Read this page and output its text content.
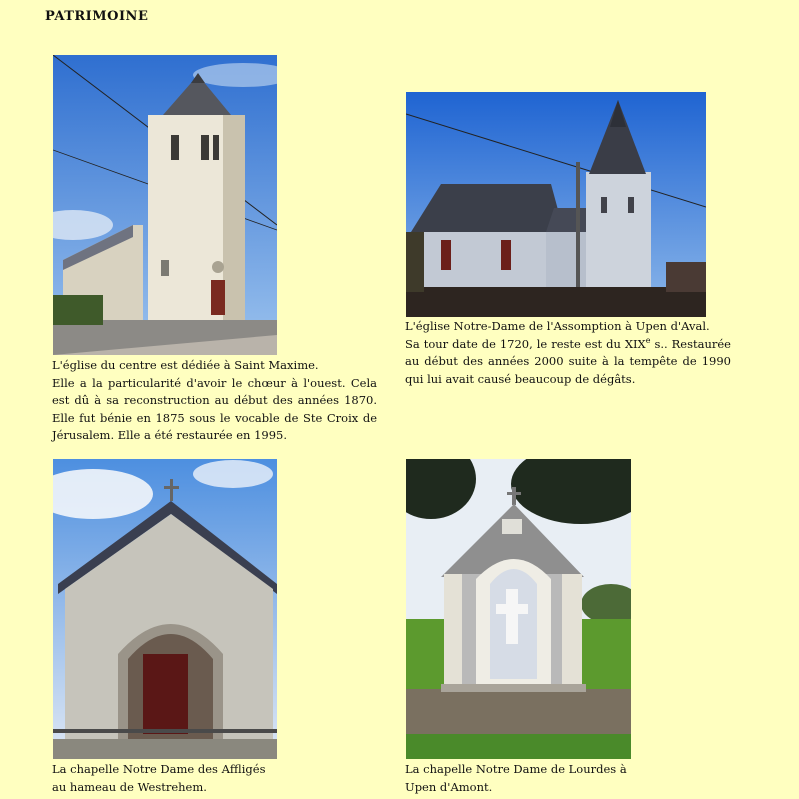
PATRIMOINE

L'église du centre est dédiée à Saint Maxime.

Elle a la particularité d'avoir le chœur à l'ouest. Cela est dû à sa reconstruction au début des années 1870. Elle fut bénie en 1875 sous le vocable de Ste Croix de Jérusalem. Elle a été restaurée en 1995.

L'église Notre-Dame de l'Assomption à Upen d'Aval.

Sa tour date de 1720, le reste est du XIXe s.. Restaurée au début des années 2000 suite à la tempête de 1990 qui lui avait causé beaucoup de dégâts.

La chapelle Notre Dame des Affligés

au hameau de Westrehem.

La chapelle Notre Dame de Lourdes à

Upen d'Amont.
